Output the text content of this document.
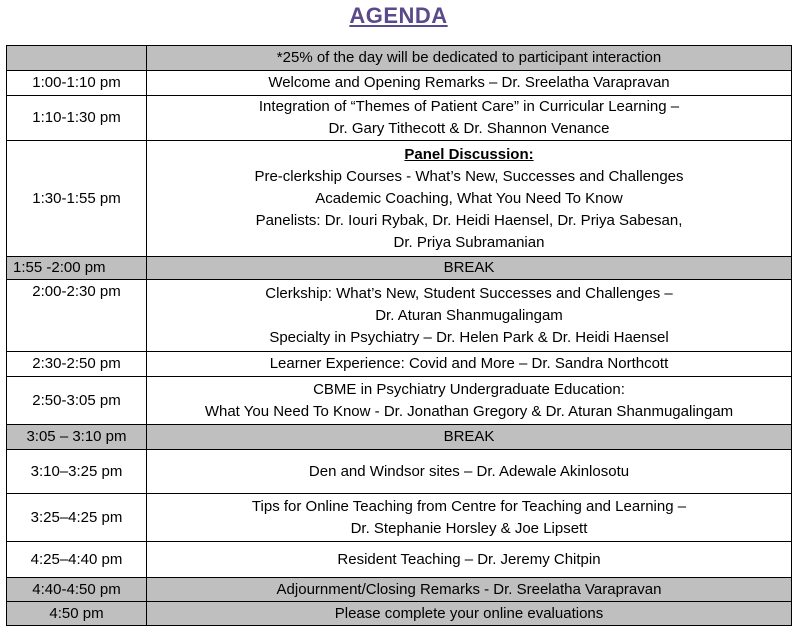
AGENDA
	*25% of the day will be dedicated to participant interaction
1:00-1:10 pm	Welcome and Opening Remarks – Dr. Sreelatha Varapravan

1:10-1:30 pm	Integration of “Themes of Patient Care” in Curricular Learning –
Dr. Gary Tithecott & Dr. Shannon Venance

1:30-1:55 pm	Panel Discussion:
Pre-clerkship Courses - What’s New, Successes and Challenges
Academic Coaching, What You Need To Know
Panelists: Dr. Iouri Rybak, Dr. Heidi Haensel, Dr. Priya Sabesan,
Dr. Priya Subramanian

1:55 -2:00 pm	BREAK
2:00-2:30 pm	Clerkship: What’s New, Student Successes and Challenges –
Dr. Aturan Shanmugalingam
Specialty in Psychiatry – Dr. Helen Park & Dr. Heidi Haensel

2:30-2:50 pm	Learner Experience: Covid and More – Dr. Sandra Northcott
2:50-3:05 pm	CBME in Psychiatry Undergraduate Education:
What You Need To Know - Dr. Jonathan Gregory & Dr. Aturan Shanmugalingam

3:05 – 3:10 pm	BREAK
3:10–3:25 pm	Den and Windsor sites – Dr. Adewale Akinlosotu
3:25–4:25 pm	Tips for Online Teaching from Centre for Teaching and Learning –
Dr. Stephanie Horsley & Joe Lipsett

4:25–4:40 pm	Resident Teaching – Dr. Jeremy Chitpin
4:40-4:50 pm	Adjournment/Closing Remarks - Dr. Sreelatha Varapravan
4:50 pm	Please complete your online evaluations
